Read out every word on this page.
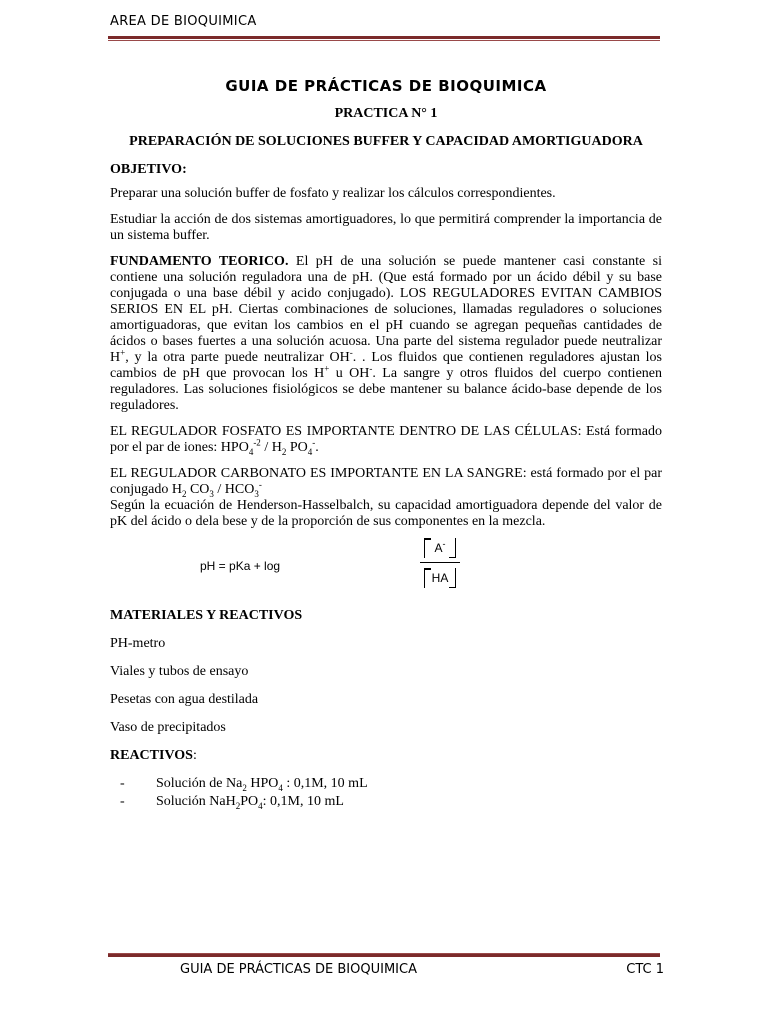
AREA DE BIOQUIMICA
GUIA DE PRÁCTICAS DE BIOQUIMICA
PRACTICA N° 1
PREPARACIÓN DE SOLUCIONES BUFFER Y CAPACIDAD AMORTIGUADORA
OBJETIVO:

Preparar una solución buffer de fosfato y realizar los cálculos correspondientes.

Estudiar la acción de dos sistemas amortiguadores, lo que permitirá comprender la importancia de un sistema buffer.

FUNDAMENTO TEORICO. El pH de una solución se puede mantener casi constante si contiene una solución reguladora una de pH. (Que está formado por un ácido débil y su base conjugada o una base débil y acido conjugado). LOS REGULADORES EVITAN CAMBIOS SERIOS EN EL pH. Ciertas combinaciones de soluciones, llamadas reguladores o soluciones amortiguadoras, que evitan los cambios en el pH cuando se agregan pequeñas cantidades de ácidos o bases fuertes a una solución acuosa. Una parte del sistema regulador puede neutralizar H+, y la otra parte puede neutralizar OH-. . Los fluidos que contienen reguladores ajustan los cambios de pH que provocan los H+ u OH-. La sangre y otros fluidos del cuerpo contienen reguladores. Las soluciones fisiológicos se debe mantener su balance ácido-base depende de los reguladores.

EL REGULADOR FOSFATO ES IMPORTANTE DENTRO DE LAS CÉLULAS: Está formado por el par de iones: $HPO_4^{-2} / H_2$ $PO_4^-$.

EL REGULADOR CARBONATO ES IMPORTANTE EN LA SANGRE: está formado por el par conjugado $H_2$ $CO_3 / HCO_3^-$
Según la ecuación de Henderson-Hasselbalch, su capacidad amortiguadora depende del valor de pK del ácido o dela bese y de la proporción de sus componentes en la mezcla.

pH = pKa + log
A-
HA
MATERIALES Y REACTIVOS

PH-metro

Viales y tubos de ensayo

Pesetas con agua destilada

Vaso de precipitados

REACTIVOS:
- Solución de $Na_2$ $HPO_4$ : 0,1M, 10 mL
- Solución $NaH_2PO_4$: 0,1M, 10 mL
GUIA DE PRÁCTICAS DE BIOQUIMICA	CTC 1
